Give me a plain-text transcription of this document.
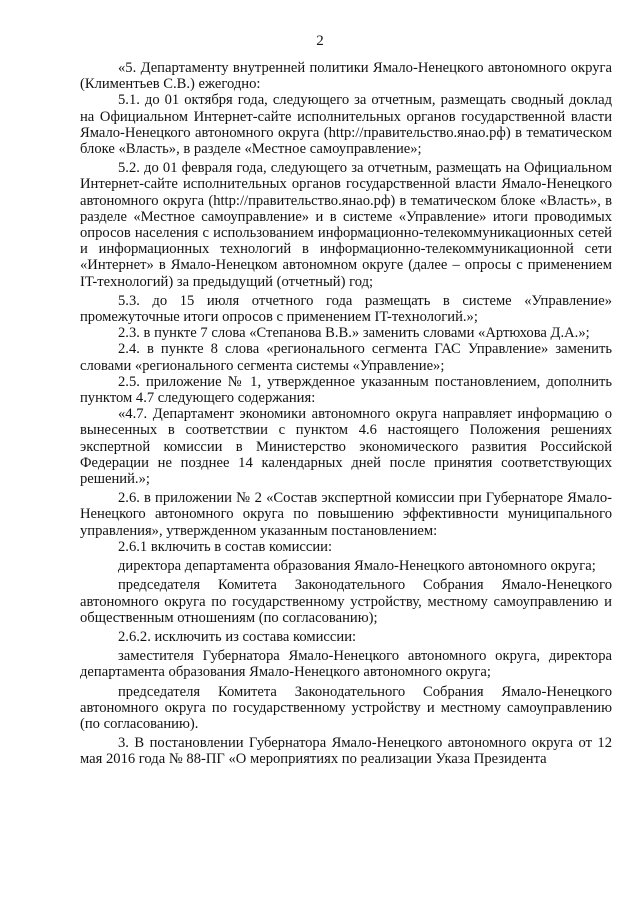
2

«5. Департаменту внутренней политики Ямало-Ненецкого автономного округа (Климентьев С.В.) ежегодно:

5.1. до 01 октября года, следующего за отчетным, размещать сводный доклад на Официальном Интернет-сайте исполнительных органов государственной власти Ямало-Ненецкого автономного округа (http://правительство.янао.рф) в тематическом блоке «Власть», в разделе «Местное самоуправление»;

5.2. до 01 февраля года, следующего за отчетным, размещать на Официальном Интернет-сайте исполнительных органов государственной власти Ямало-Ненецкого автономного округа (http://правительство.янао.рф) в тематическом блоке «Власть», в разделе «Местное самоуправление» и в системе «Управление» итоги проводимых опросов населения с использованием информационно-телекоммуникационных сетей и информационных технологий в информационно-телекоммуникационной сети «Интернет» в Ямало-Ненецком автономном округе (далее – опросы с применением IT-технологий) за предыдущий (отчетный) год;

5.3. до 15 июля отчетного года размещать в системе «Управление» промежуточные итоги опросов с применением IT-технологий.»;

2.3. в пункте 7 слова «Степанова В.В.» заменить словами «Артюхова Д.А.»;

2.4. в пункте 8 слова «регионального сегмента ГАС Управление» заменить словами «регионального сегмента системы «Управление»;

2.5. приложение № 1, утвержденное указанным постановлением, дополнить пунктом 4.7 следующего содержания:

«4.7. Департамент экономики автономного округа направляет информацию о вынесенных в соответствии с пунктом 4.6 настоящего Положения решениях экспертной комиссии в Министерство экономического развития Российской Федерации не позднее 14 календарных дней после принятия соответствующих решений.»;

2.6. в приложении № 2 «Состав экспертной комиссии при Губернаторе Ямало-Ненецкого автономного округа по повышению эффективности муниципального управления», утвержденном указанным постановлением:

2.6.1 включить в состав комиссии:

директора департамента образования Ямало-Ненецкого автономного округа;

председателя Комитета Законодательного Собрания Ямало-Ненецкого автономного округа по государственному устройству, местному самоуправлению и общественным отношениям (по согласованию);

2.6.2. исключить из состава комиссии:

заместителя Губернатора Ямало-Ненецкого автономного округа, директора департамента образования Ямало-Ненецкого автономного округа;

председателя Комитета Законодательного Собрания Ямало-Ненецкого автономного округа по государственному устройству и местному самоуправлению (по согласованию).

3. В постановлении Губернатора Ямало-Ненецкого автономного округа от 12 мая 2016 года № 88-ПГ «О мероприятиях по реализации Указа Президента
